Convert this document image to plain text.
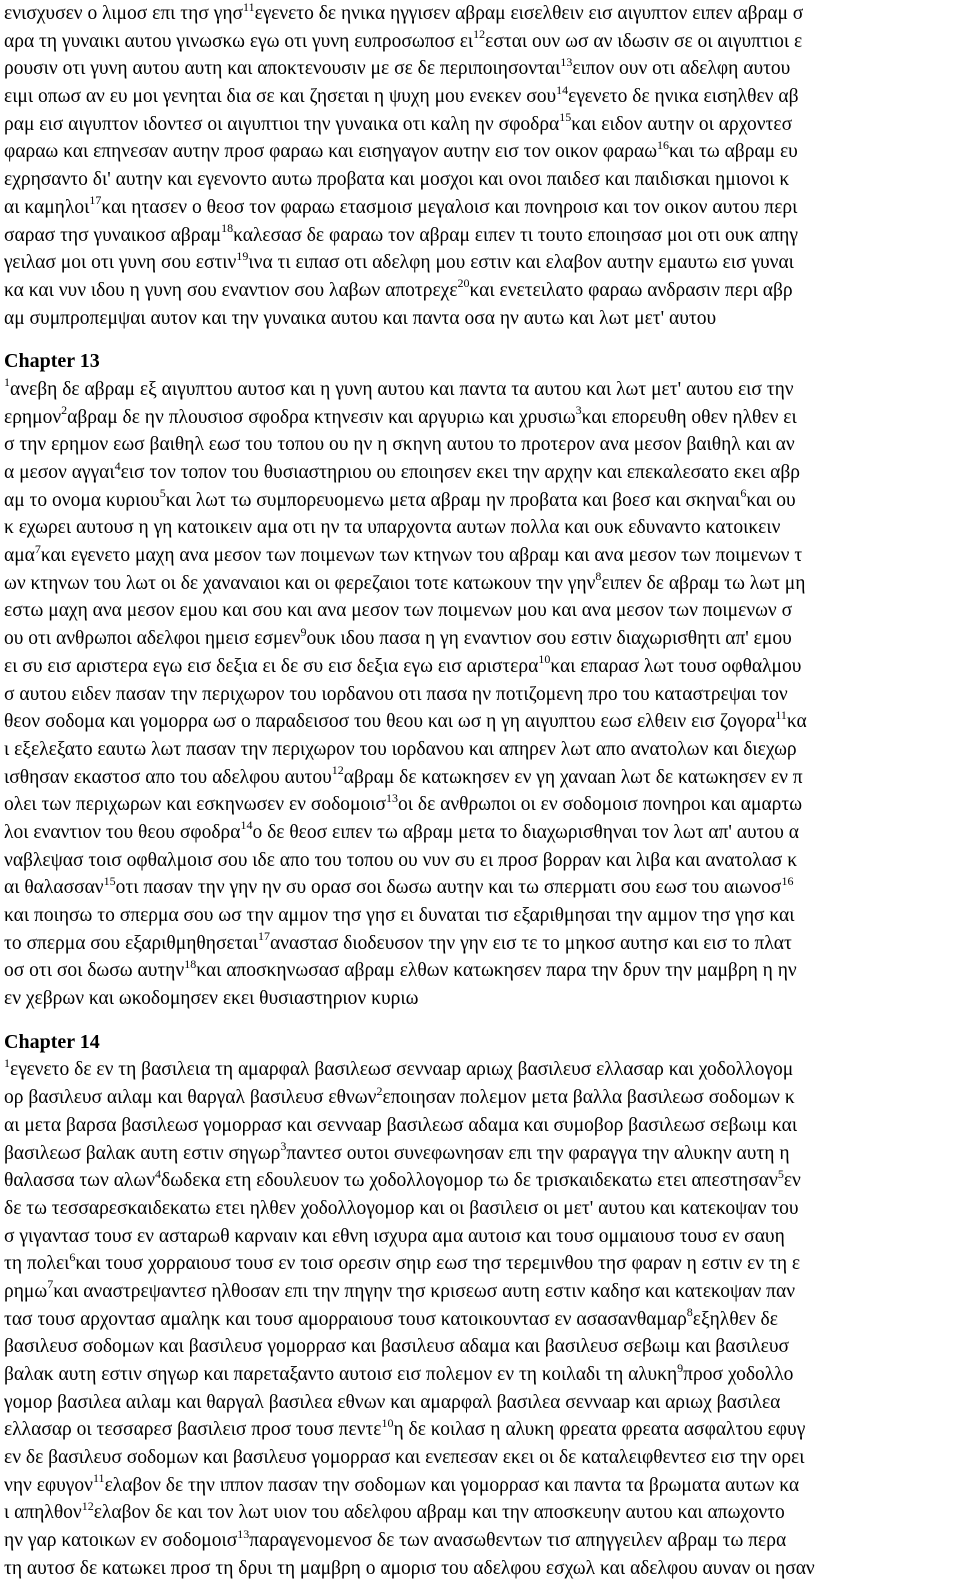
ενισχυσεν ο λιμοσ επι τησ γησ$^{11}$εγενετο δε ηνικα ηγγισεν αβραμ εισελθειν εισ αιγυπτον ειπεν αβραμ σ
αρα τη γυναικι αυτου γινωσκω εγω οτι γυνη ευπροσωποσ $\varepsilon\iota^{12}\varepsilon\sigma\tau\alpha\iota$ ουν ωσ αν ιδωσιν σε οι αιγυπτιοι ε
ρουσιν οτι γυνη αυτου αυτη και αποκτενουσιν με σε δε περιποιησονται$^{13}$ειπον ουν οτι αδελφη αυτου
ειμι οπωσ αν ευ μοι γενηται δια σε και ζησεται η ψυχη μου ενεκεν σου$^{14}$εγενετο δε ηνικα εισηλθεν αβ
ραμ εισ αιγυπτον ιδοντεσ οι αιγυπτιοι την γυναικα οτι καλη ην σφοδρα$^{15}$και ειδον αυτην οι αρχοντεσ
φαραω και επηνεσαν αυτην προσ φαραω και εισηγαγον αυτην εισ τον οικον φαραω$^{16}$και τω αβραμ ευ
εχρησαντο δι' αυτην και εγενοντο αυτω προβατα και μοσχοι και ονοι παιδεσ και παιδισκαι ημιονοι κ
αι καμηλοι$^{17}$και ητασεν ο θεοσ τον φαραω ετασμοισ μεγαλοισ και πονηροισ και τον οικον αυτου περι
σαρασ τησ γυναικοσ αβραμ$^{18}$καλεσασ δε φαραω τον αβραμ ειπεν τι τουτο εποιησασ μοι οτι ουκ απηγ
γειλασ μοι οτι γυνη σου εστιν$^{19}$ινα τι ειπασ οτι αδελφη μου εστιν και ελαβον αυτην εμαυτω εισ γυναι
κα και νυν ιδου η γυνη σου εναντιον σου λαβων αποτρεχε$^{20}$και ενετειλατο φαραω ανδρασιν περι αβρ
αμ συμπροπεμψαι αυτον και την γυναικα αυτου και παντα οσα ην αυτω και λωτ μετ' αυτου
Chapter 13
$^1$ανεβη δε αβραμ εξ αιγυπτου αυτοσ και η γυνη αυτου και παντα τα αυτου και λωτ μετ' αυτου εισ την
ερημον$^2$αβραμ δε ην πλουσιοσ σφοδρα κτηνεσιν και αργυριω και χρυσιω$^3$και επορευθη οθεν ηλθεν ει
σ την ερημον εωσ βαιθηλ εωσ του τοπου ου ην η σκηνη αυτου το προτερον ανα μεσον βαιθηλ και αν
α μεσον αγγαι$^4$εισ τον τοπον του θυσιαστηριου ου εποιησεν εκει την αρχην και επεκαλεσατο εκει αβρ
αμ το ονομα κυριου$^5$και λωτ τω συμπορευομενω μετα αβραμ ην προβατα και βοεσ και σκηναι$^6$και ου
κ εχωρει αυτουσ η γη κατοικειν αμα οτι ην τα υπαρχοντα αυτων πολλα και ουκ εδυναντο κατοικειν
αμα$^7$και εγενετο μαχη ανα μεσον των ποιμενων των κτηνων του αβραμ και ανα μεσον των ποιμενων τ
ων κτηνων του λωτ οι δε χαναναιοι και οι φερεζαιοι τοτε κατωκουν την γην$^8$ειπεν δε αβραμ τω λωτ μη
εστω μαχη ανα μεσον εμου και σου και ανα μεσον των ποιμενων μου και ανα μεσον των ποιμενων σ
ου οτι ανθρωποι αδελφοι ημεισ εσμεν$^9$ουκ ιδου πασα η γη εναντιον σου εστιν διαχωρισθητι απ' εμου
ει συ εισ αριστερα εγω εισ δεξια ει δε συ εισ δεξια εγω εισ αριστερα$^{10}$και επαρασ λωτ τουσ οφθαλμου
σ αυτου ειδεν πασαν την περιχωρον του ιορδανου οτι πασα ην ποτιζομενη προ του καταστρεψαι τον
θεον σοδομα και γομορρα ωσ ο παραδεισοσ του θεου και ωσ η γη αιγυπτου εωσ ελθειν εισ ζογορα$^{11}$κα
ι εξελεξατο εαυτω λωτ πασαν την περιχωρον του ιορδανου και απηρεν λωτ απο ανατολων και διεχωρ
ισθησαν εκαστοσ απο του αδελφου αυτου$^{12}$αβραμ δε κατωκησεν εν γη χαναan λωτ δε κατωκησεν εν π
ολει των περιχωρων και εσκηνωσεν εν σοδομοισ$^{13}$οι δε ανθρωποι οι εν σοδομοισ πονηροι και αμαρτω
λοι εναντιον του θεου σφοδρα$^{14}$ο δε θεοσ ειπεν τω αβραμ μετα το διαχωρισθηναι τον λωτ απ' αυτου α
ναβλεψασ τοισ οφθαλμοισ σου ιδε απο του τοπου ου νυν συ ει προσ βορραν και λιβα και ανατολασ κ
αι θαλασσαν$^{15}$οτι πασαν την γην ην συ ορασ σοι δωσω αυτην και τω σπερματι σου εωσ του αιωνοσ$^{16}$
και ποιησω το σπερμα σου ωσ την αμμον τησ γησ ει δυναται τισ εξαριθμησαι την αμμον τησ γησ και
το σπερμα σου εξαριθμηθησεται$^{17}$αναστασ διοδευσον την γην εισ τε το μηκοσ αυτησ και εισ το πλατ
οσ οτι σοι δωσω αυτην$^{18}$και αποσκηνωσασ αβραμ ελθων κατωκησεν παρα την δρυν την μαμβρη η ην
εν χεβρων και ωκοδομησεν εκει θυσιαστηριον κυριω
Chapter 14
$^1$εγενετο δε εν τη βασιλεια τη αμαρφαλ βασιλεωσ σενναар αριωχ βασιλευσ ελλασαρ και χοδολλογομ
ορ βασιλευσ αιλαμ και θαργαλ βασιλευσ εθνων$^2$εποιησαν πολεμον μετα βαλλα βασιλεωσ σοδομων κ
αι μετα βαρσα βασιλεωσ γομορρασ και σενναар βασιλεωσ αδαμα και συμοβορ βασιλεωσ σεβωιμ και
βασιλεωσ βαλακ αυτη εστιν σηγωρ$^3$παντεσ ουτοι συνεφωνησαν επι την φαραγγα την αλυκην αυτη η
θαλασσα των αλων$^4$δωδεκα ετη εδουλευον τω χοδολλογομορ τω δε τρισκαιδεκατω ετει απεστησαν$^5$εν
δε τω τεσσαρεσκαιδεκατω ετει ηλθεν χοδολλογομορ και οι βασιλεισ οι μετ' αυτου και κατεκοψαν του
σ γιγαντασ τουσ εν ασταρωθ καρναιν και εθνη ισχυρα αμα αυτοισ και τουσ ομμαιουσ τουσ εν σαυη
τη πολει$^6$και τουσ χορραιουσ τουσ εν τοισ ορεσιν σηιρ εωσ τησ τερεμινθου τησ φαραν η εστιν εν τη ε
ρημω$^7$και αναστρεψαντεσ ηλθοσαν επι την πηγην τησ κρισεωσ αυτη εστιν καδησ και κατεκοψαν παν
τασ τουσ αρχοντασ αμαληκ και τουσ αμορραιουσ τουσ κατοικουντασ εν ασασανθαμαρ$^8$εξηλθεν δε
βασιλευσ σοδομων και βασιλευσ γομορρασ και βασιλευσ αδαμα και βασιλευσ σεβωιμ και βασιλευσ
βαλακ αυτη εστιν σηγωρ και παρεταξαντο αυτοισ εισ πολεμον εν τη κοιλαδι τη αλυκη$^9$προσ χοδολλο
γομορ βασιλεα αιλαμ και θαργαλ βασιλεα εθνων και αμαρφαλ βασιλεα σενναар και αριωχ βασιλεα
ελλασαρ οι τεσσαρεσ βασιλεισ προσ τουσ πεντε$^{10}$η δε κοιλασ η αλυκη φρεατα φρεατα ασφαλτου εφυγ
εν δε βασιλευσ σοδομων και βασιλευσ γομορρασ και ενεπεσαν εκει οι δε καταλειφθεντεσ εισ την ορει
νην εφυγον$^{11}$ελαβον δε την ιππον πασαν την σοδομων και γομορρασ και παντα τα βρωματα αυτων κα
ι απηλθον$^{12}$ελαβον δε και τον λωτ υιον του αδελφου αβραμ και την αποσκευην αυτου και απωχοντο
ην γαρ κατοικων εν σοδομοισ$^{13}$παραγενομενοσ δε των ανασωθεντων τισ απηγγειλεν αβραμ τω περα
τη αυτοσ δε κατωκει προσ τη δρυι τη μαμβρη ο αμορισ του αδελφου εσχωλ και αδελφου αυναν οι ησαν
